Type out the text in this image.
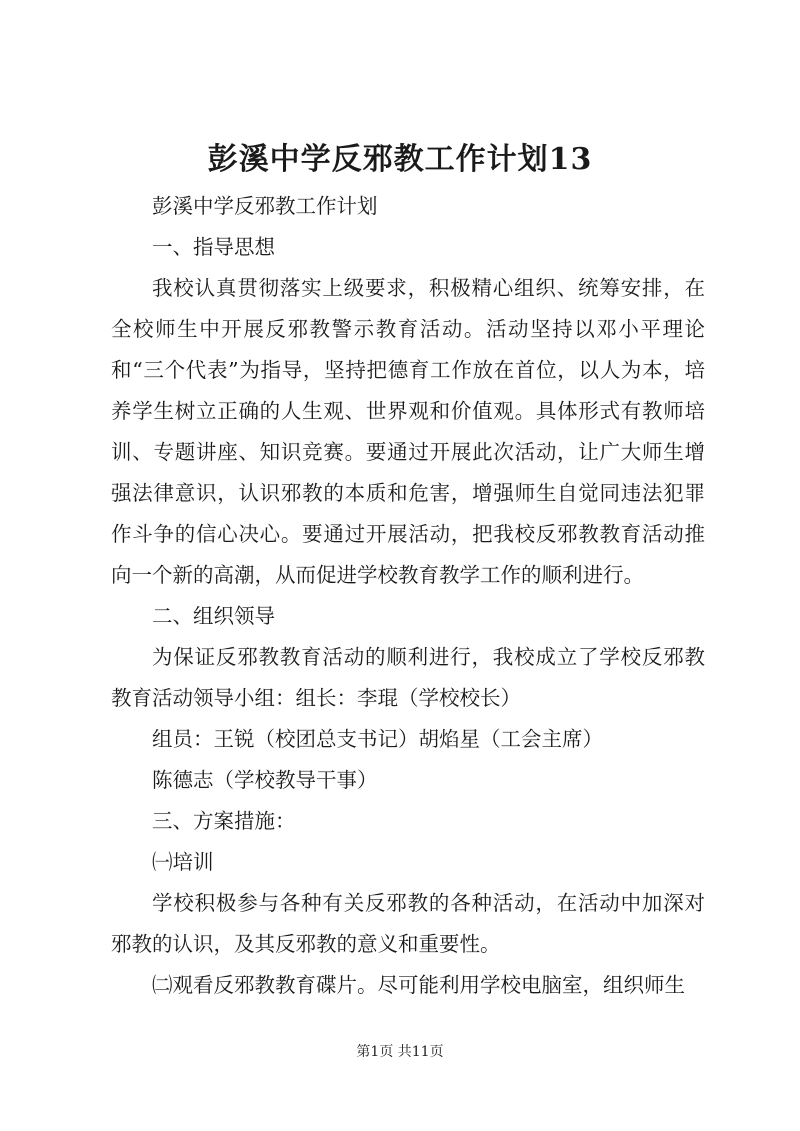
彭溪中学反邪教工作计划13

彭溪中学反邪教工作计划

一、指导思想

我校认真贯彻落实上级要求，积极精心组织、统筹安排，在全校师生中开展反邪教警示教育活动。活动坚持以邓小平理论和“三个代表”为指导，坚持把德育工作放在首位，以人为本，培养学生树立正确的人生观、世界观和价值观。具体形式有教师培训、专题讲座、知识竞赛。要通过开展此次活动，让广大师生增强法律意识，认识邪教的本质和危害，增强师生自觉同违法犯罪作斗争的信心决心。要通过开展活动，把我校反邪教教育活动推向一个新的高潮，从而促进学校教育教学工作的顺利进行。

二、组织领导

为保证反邪教教育活动的顺利进行，我校成立了学校反邪教教育活动领导小组：组长：李琨（学校校长）

组员：王锐（校团总支书记）胡焰星（工会主席）

陈德志（学校教导干事）

三、方案措施：

㈠培训

学校积极参与各种有关反邪教的各种活动，在活动中加深对邪教的认识，及其反邪教的意义和重要性。

㈡观看反邪教教育碟片。尽可能利用学校电脑室，组织师生

第1页 共11页
